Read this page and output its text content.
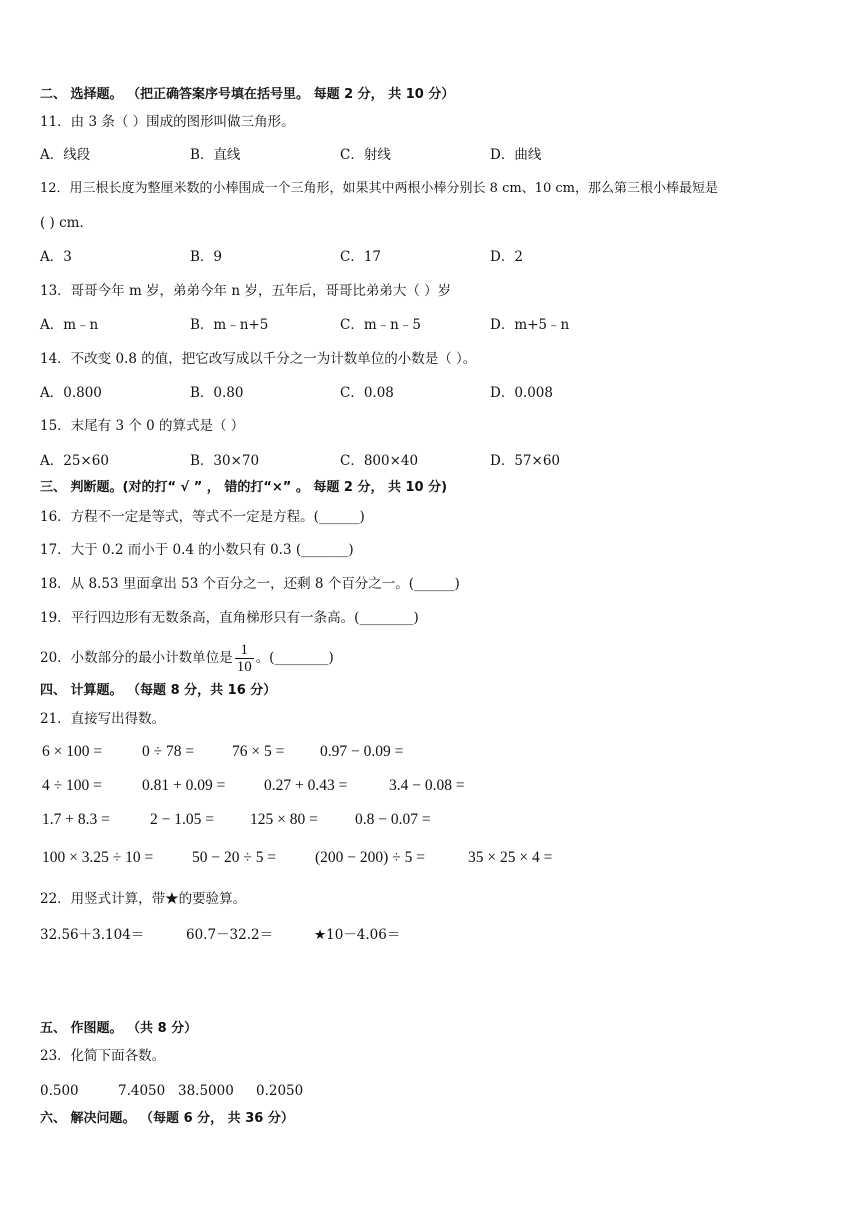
二、 选择题。 （把正确答案序号填在括号里。 每题 2 分， 共 10 分）
11．由 3 条（ ）围成的图形叫做三角形。
A．线段	B．直线	C．射线	D．曲线
12．用三根长度为整厘米数的小棒围成一个三角形，如果其中两根小棒分别长 8 cm、10 cm，那么第三根小棒最短是
( ) cm．
A．3	B．9	C．17	D．2
13．哥哥今年 m 岁，弟弟今年 n 岁，五年后，哥哥比弟弟大（ ）岁
A．m﹣n	B．m﹣n+5	C．m﹣n﹣5	D．m+5﹣n
14．不改变 0.8 的值，把它改写成以千分之一为计数单位的小数是（ ）。
A．0.800	B．0.80	C．0.08	D．0.008
15．末尾有 3 个 0 的算式是（ ）
A．25×60	B．30×70	C．800×40	D．57×60
三、 判断题。(对的打“ √ ” ， 错的打“×” 。 每题 2 分， 共 10 分)
16．方程不一定是等式，等式不一定是方程。(______)
17．大于 0.2 而小于 0.4 的小数只有 0.3 (_______)
18．从 8.53 里面拿出 53 个百分之一，还剩 8 个百分之一。(______)
19．平行四边形有无数条高，直角梯形只有一条高。(________)
20．小数部分的最小计数单位是 $\frac{1}{10}$ 。(________)
四、 计算题。 （每题 8 分，共 16 分）
21．直接写出得数。
6 × 100 =	0 ÷ 78 = 76 × 5 = 0.97 − 0.09 =
4 ÷ 100 =	0.81 + 0.09 = 0.27 + 0.43 =	3.4 − 0.08 =
1.7 + 8.3 =	2 − 1.05 = 125 × 80 = 0.8 − 0.07 =
100 × 3.25 ÷ 10 =	50 − 20 ÷ 5 =	(200 − 200) ÷ 5 =	35 × 25 × 4 =
22．用竖式计算，带★的要验算。
32.56＋3.104＝	60.7－32.2＝	★10－4.06＝
五、 作图题。 （共 8 分）
23．化简下面各数。
0.500	7.4050 38.5000 0.2050
六、 解决问题。 （每题 6 分， 共 36 分）
